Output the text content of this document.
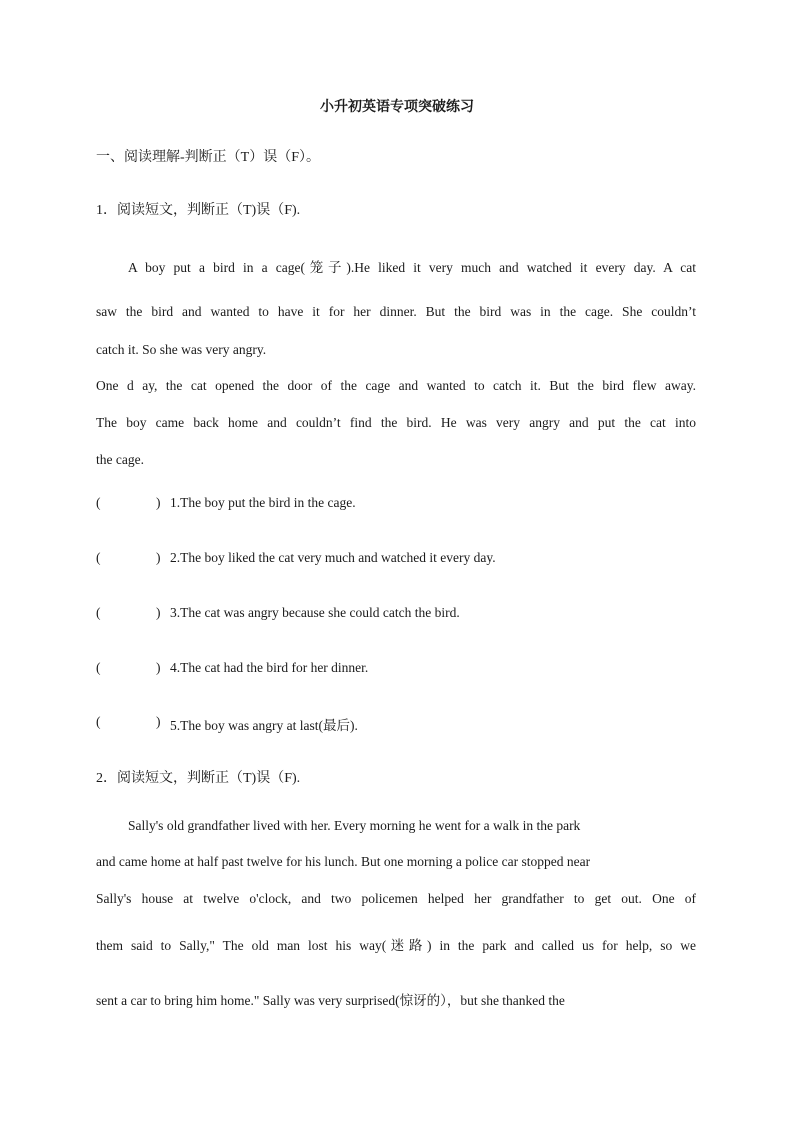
小升初英语专项突破练习
一、阅读理解-判断正（T）误（F）。
1．阅读短文，判断正（T)误（F).
A boy put a bird in a cage(笼子).He liked it very much and watched it every day. A cat
saw the bird and wanted to have it for her dinner. But the bird was in the cage. She couldn’t
catch it. So she was very angry.
One d ay, the cat opened the door of the cage and wanted to catch it. But the bird flew away.
The boy came back home and couldn’t find the bird. He was very angry and put the cat into
the cage.
(	) 1.The boy put the bird in the cage.
(	) 2.The boy liked the cat very much and watched it every day.
(	) 3.The cat was angry because she could catch the bird.
(	) 4.The cat had the bird for her dinner.
(	) 5.The boy was angry at last(最后).
2．阅读短文，判断正（T)误（F).
Sally's old grandfather lived with her. Every morning he went for a walk in the park
and came home at half past twelve for his lunch. But one morning a police car stopped near
Sally's house at twelve o'clock, and two policemen helped her grandfather to get out. One of
them said to Sally," The old man lost his way(迷路) in the park and called us for help, so we
sent a car to bring him home." Sally was very surprised(惊讶的），but she thanked the
